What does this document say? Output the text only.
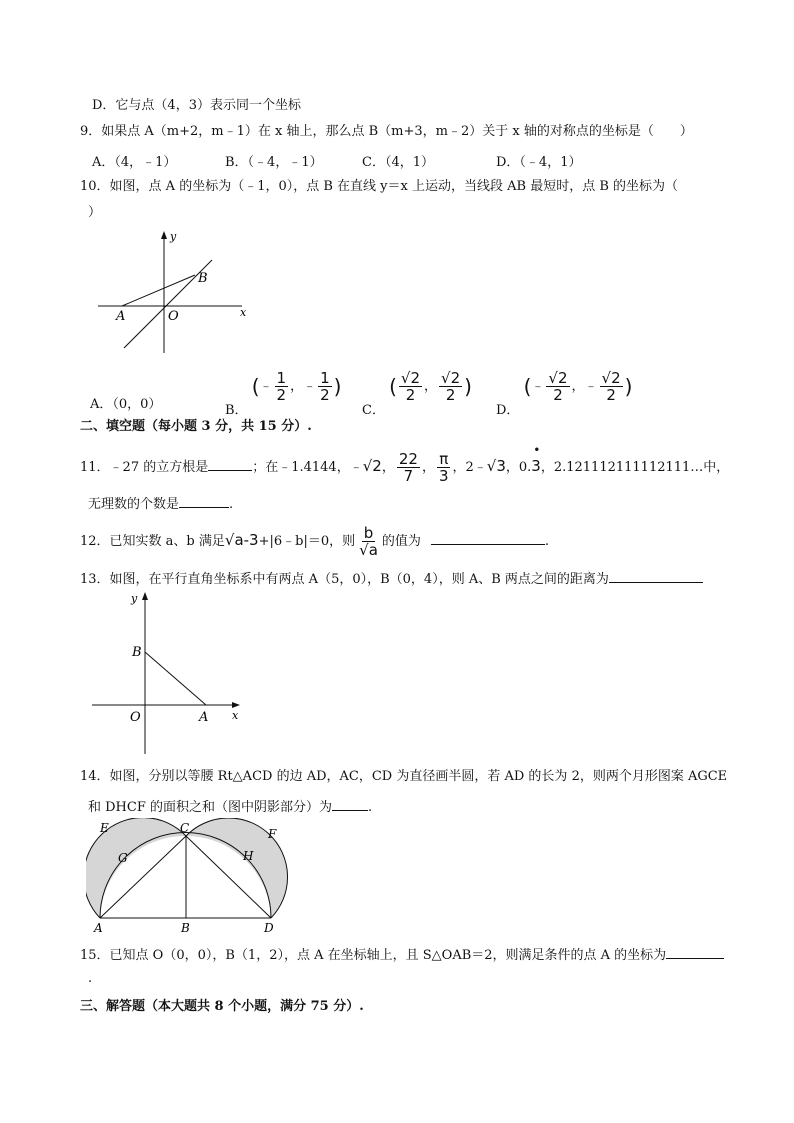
D．它与点（4，3）表示同一个坐标
9．如果点 A（m+2，m﹣1）在 x 轴上，那么点 B（m+3，m﹣2）关于 x 轴的对称点的坐标是（　　）
A．（4，﹣1）	B．（﹣4，﹣1）	C．（4，1）	D．（﹣4，1）
10．如图，点 A 的坐标为（﹣1，0），点 B 在直线 y＝x 上运动，当线段 AB 最短时，点 B 的坐标为（
）
y
x
O
A
B
A．（0，0）	B． (﹣ $\frac{1}{2}$ ，﹣ $\frac{1}{2}$ )
C． ( $\frac{√2}{2}$ ， $\frac{√2}{2}$ )
D． (﹣ $\frac{√2}{2}$ ，﹣ $\frac{√2}{2}$ )
二、填空题（每小题 3 分，共 15 分）.
11．﹣27 的立方根是	；在﹣1.4144，﹣√2， $\frac{22}{7}$ ， $\frac{\pi}{3}$ ，2﹣√3，0.
•
3，2.121112111112111…中，
无理数的个数是	.
12．已知实数 a、b 满足√a-3+|6﹣b|＝0，则 $\frac{b}{√a}$ 的值为	.
13．如图，在平行直角坐标系中有两点 A（5，0），B（0，4），则 A、B 两点之间的距离为
y
x
B
O	A
14．如图，分别以等腰 Rt△ACD 的边 AD，AC，CD 为直径画半圆，若 AD 的长为 2，则两个月形图案 AGCE
和 DHCF 的面积之和（图中阴影部分）为	.
E	C	F
G	H
A	B	D
15．已知点 O（0，0），B（1，2），点 A 在坐标轴上，且 S△OAB＝2，则满足条件的点 A 的坐标为
.
三、解答题（本大题共 8 个小题，满分 75 分）.
